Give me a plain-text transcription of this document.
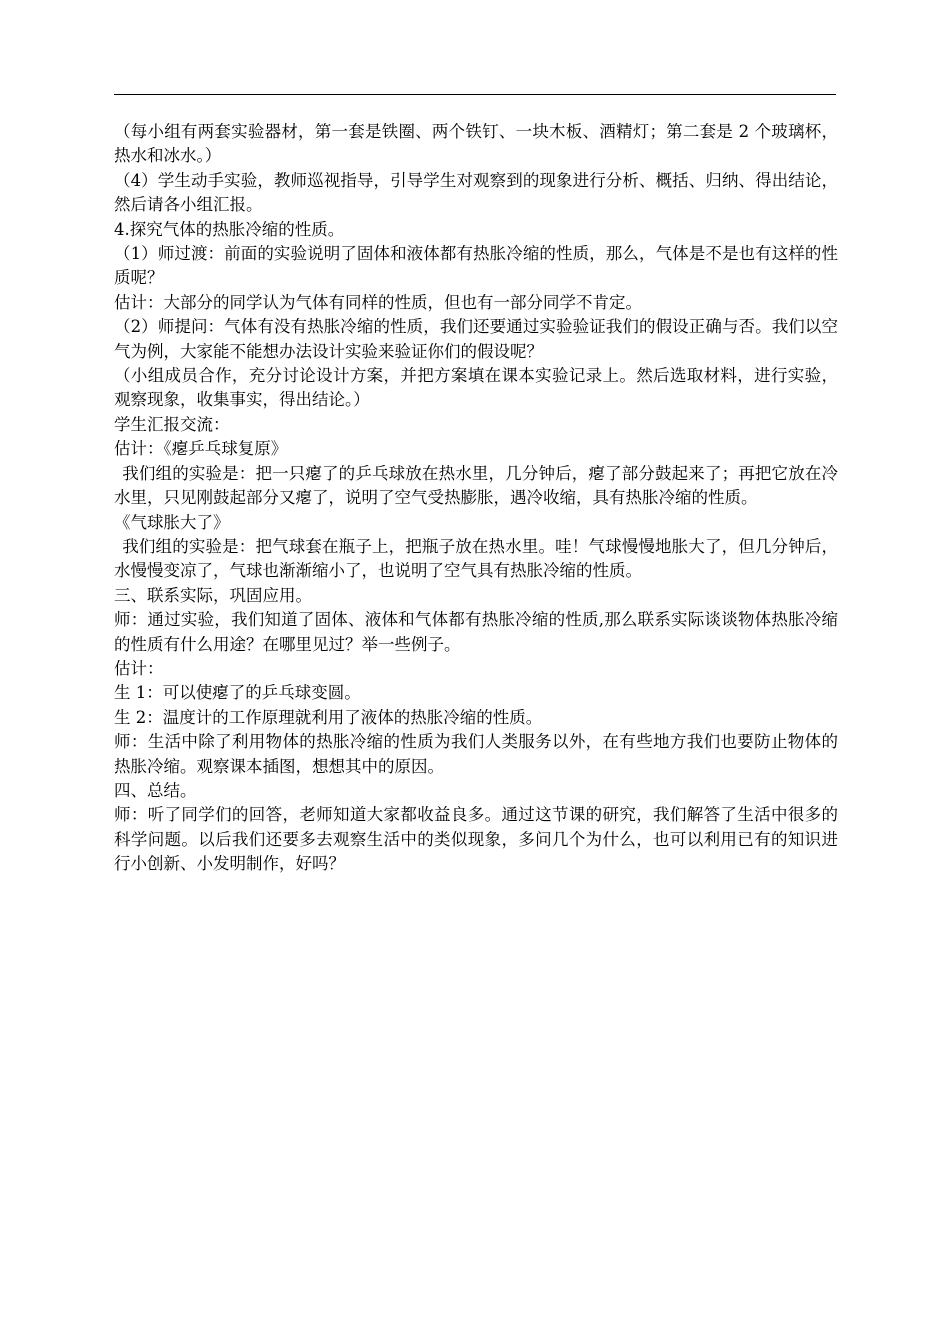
（每小组有两套实验器材，第一套是铁圈、两个铁钉、一块木板、酒精灯；第二套是 2 个玻璃杯，热水和冰水。）

（4）学生动手实验，教师巡视指导，引导学生对观察到的现象进行分析、概括、归纳、得出结论，然后请各小组汇报。

4.探究气体的热胀冷缩的性质。

（1）师过渡：前面的实验说明了固体和液体都有热胀冷缩的性质，那么，气体是不是也有这样的性质呢？

估计：大部分的同学认为气体有同样的性质，但也有一部分同学不肯定。

（2）师提问：气体有没有热胀冷缩的性质，我们还要通过实验验证我们的假设正确与否。我们以空气为例，大家能不能想办法设计实验来验证你们的假设呢？

（小组成员合作，充分讨论设计方案，并把方案填在课本实验记录上。然后选取材料，进行实验，观察现象，收集事实，得出结论。）

学生汇报交流：

估计：《瘪乒乓球复原》

我们组的实验是：把一只瘪了的乒乓球放在热水里，几分钟后，瘪了部分鼓起来了；再把它放在冷水里，只见刚鼓起部分又瘪了，说明了空气受热膨胀，遇冷收缩，具有热胀冷缩的性质。

《气球胀大了》

我们组的实验是：把气球套在瓶子上，把瓶子放在热水里。哇！气球慢慢地胀大了，但几分钟后，水慢慢变凉了，气球也渐渐缩小了，也说明了空气具有热胀冷缩的性质。

三、联系实际，巩固应用。

师：通过实验，我们知道了固体、液体和气体都有热胀冷缩的性质,那么联系实际谈谈物体热胀冷缩的性质有什么用途？在哪里见过？举一些例子。

估计：

生 1：可以使瘪了的乒乓球变圆。

生 2：温度计的工作原理就利用了液体的热胀冷缩的性质。

师：生活中除了利用物体的热胀冷缩的性质为我们人类服务以外，在有些地方我们也要防止物体的热胀冷缩。观察课本插图，想想其中的原因。

四、总结。

师：听了同学们的回答，老师知道大家都收益良多。通过这节课的研究，我们解答了生活中很多的科学问题。以后我们还要多去观察生活中的类似现象，多问几个为什么，也可以利用已有的知识进行小创新、小发明制作，好吗？
